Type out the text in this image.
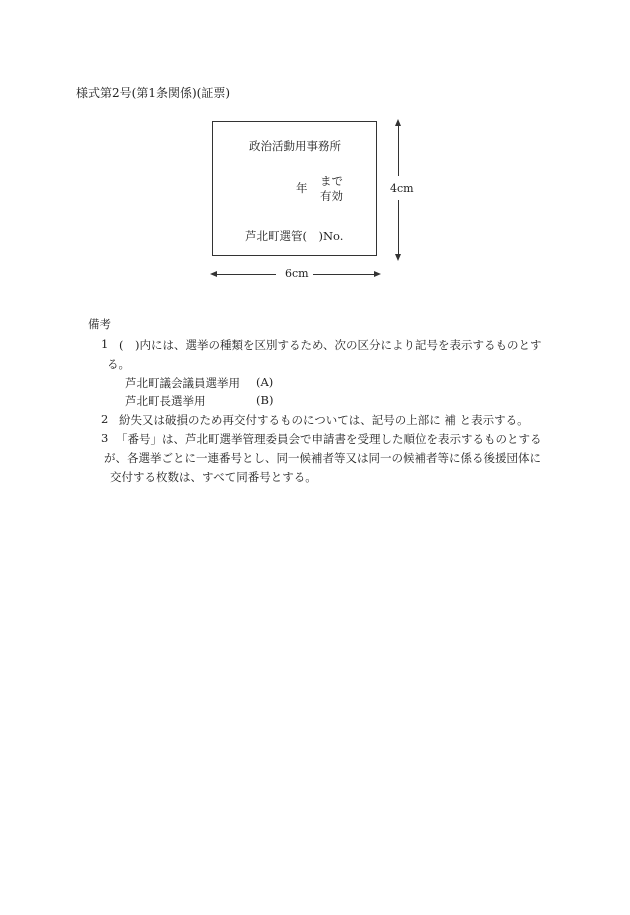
様式第2号(第1条関係)(証票)
政治活動用事務所
年 まで
有効
芦北町選管(　)No.
6cm
4cm
備考
1 (　)内には、選挙の種類を区別するため、次の区分により記号を表示するものとす
る。
芦北町議会議員選挙用 (A)
芦北町長選挙用	(B)
2 紛失又は破損のため再交付するものについては、記号の上部に 補 と表示する。
3 「番号」は、芦北町選挙管理委員会で申請書を受理した順位を表示するものとする
が、各選挙ごとに一連番号とし、同一候補者等又は同一の候補者等に係る後援団体に
交付する枚数は、すべて同番号とする。
